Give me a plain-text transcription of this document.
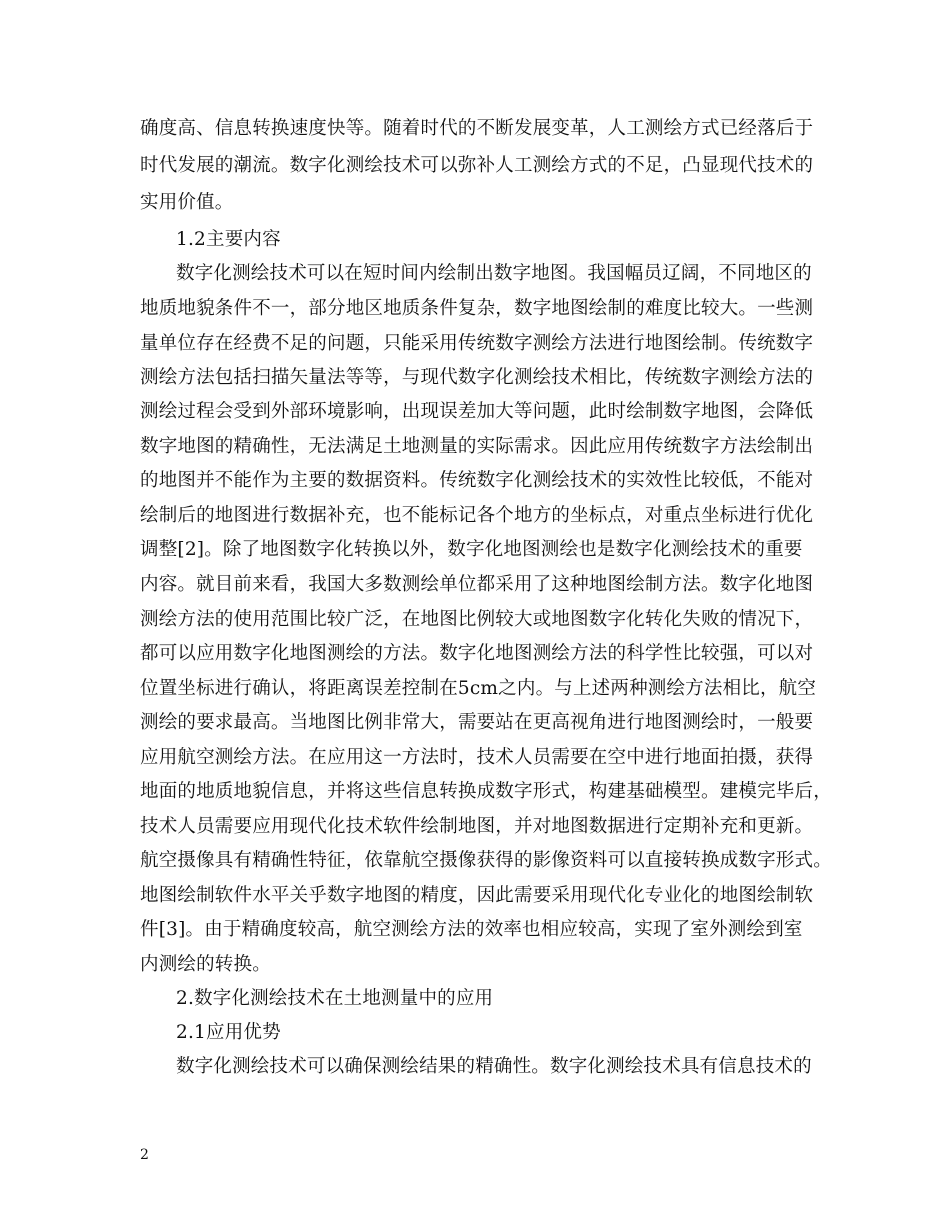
确度高、信息转换速度快等。随着时代的不断发展变革，人工测绘方式已经落后于
时代发展的潮流。数字化测绘技术可以弥补人工测绘方式的不足，凸显现代技术的
实用价值。
1.2主要内容
数字化测绘技术可以在短时间内绘制出数字地图。我国幅员辽阔，不同地区的
地质地貌条件不一，部分地区地质条件复杂，数字地图绘制的难度比较大。一些测
量单位存在经费不足的问题，只能采用传统数字测绘方法进行地图绘制。传统数字
测绘方法包括扫描矢量法等等，与现代数字化测绘技术相比，传统数字测绘方法的
测绘过程会受到外部环境影响，出现误差加大等问题，此时绘制数字地图，会降低
数字地图的精确性，无法满足土地测量的实际需求。因此应用传统数字方法绘制出
的地图并不能作为主要的数据资料。传统数字化测绘技术的实效性比较低，不能对
绘制后的地图进行数据补充，也不能标记各个地方的坐标点，对重点坐标进行优化
调整[2]。除了地图数字化转换以外，数字化地图测绘也是数字化测绘技术的重要
内容。就目前来看，我国大多数测绘单位都采用了这种地图绘制方法。数字化地图
测绘方法的使用范围比较广泛，在地图比例较大或地图数字化转化失败的情况下，
都可以应用数字化地图测绘的方法。数字化地图测绘方法的科学性比较强，可以对
位置坐标进行确认，将距离误差控制在5cm之内。与上述两种测绘方法相比，航空
测绘的要求最高。当地图比例非常大，需要站在更高视角进行地图测绘时，一般要
应用航空测绘方法。在应用这一方法时，技术人员需要在空中进行地面拍摄，获得
地面的地质地貌信息，并将这些信息转换成数字形式，构建基础模型。建模完毕后，
技术人员需要应用现代化技术软件绘制地图，并对地图数据进行定期补充和更新。
航空摄像具有精确性特征，依靠航空摄像获得的影像资料可以直接转换成数字形式。
地图绘制软件水平关乎数字地图的精度，因此需要采用现代化专业化的地图绘制软
件[3]。由于精确度较高，航空测绘方法的效率也相应较高，实现了室外测绘到室
内测绘的转换。
2.数字化测绘技术在土地测量中的应用
2.1应用优势
数字化测绘技术可以确保测绘结果的精确性。数字化测绘技术具有信息技术的
2
